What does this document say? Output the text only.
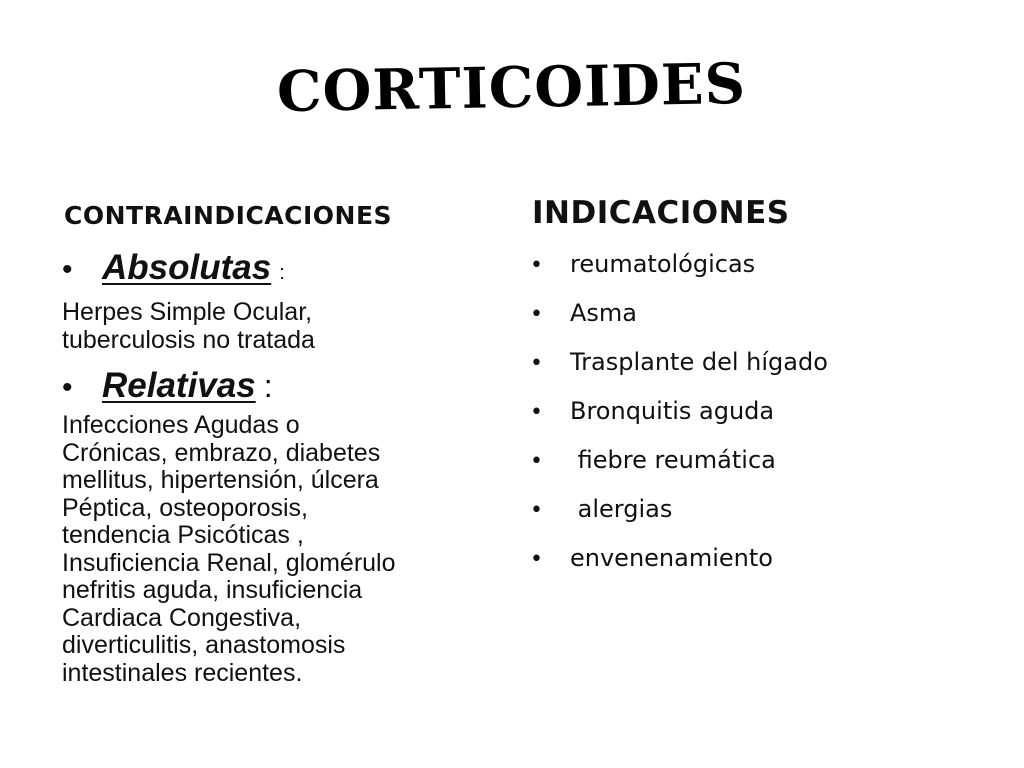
CORTICOIDES
CONTRAINDICACIONES	INDICACIONES
• Absolutas :
Herpes Simple Ocular,
tuberculosis no tratada
• Relativas :
Infecciones Agudas o
Crónicas, embrazo, diabetes
mellitus, hipertensión, úlcera
Péptica, osteoporosis,
tendencia Psicóticas ,
Insuficiencia Renal, glomérulo
nefritis aguda, insuficiencia
Cardiaca Congestiva,
diverticulitis, anastomosis
intestinales recientes.
•	reumatológicas
•	Asma
•	Trasplante del hígado
•	Bronquitis aguda
•	fiebre reumática
•	alergias
•	envenenamiento
